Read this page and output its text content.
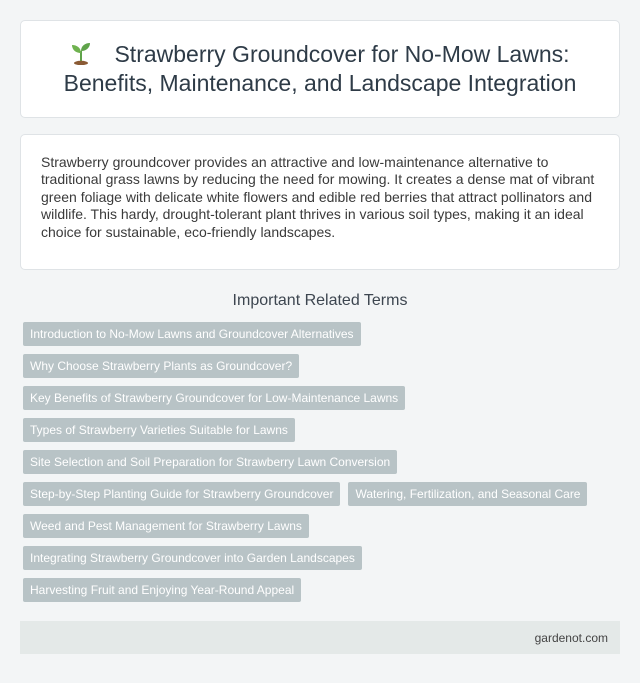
Strawberry Groundcover for No-Mow Lawns: Benefits, Maintenance, and Landscape Integration

Strawberry groundcover provides an attractive and low-maintenance alternative to traditional grass lawns by reducing the need for mowing. It creates a dense mat of vibrant green foliage with delicate white flowers and edible red berries that attract pollinators and wildlife. This hardy, drought-tolerant plant thrives in various soil types, making it an ideal choice for sustainable, eco-friendly landscapes.

Important Related Terms
Introduction to No-Mow Lawns and Groundcover Alternatives
Why Choose Strawberry Plants as Groundcover?
Key Benefits of Strawberry Groundcover for Low-Maintenance Lawns
Types of Strawberry Varieties Suitable for Lawns
Site Selection and Soil Preparation for Strawberry Lawn Conversion
Step-by-Step Planting Guide for Strawberry Groundcover	Watering, Fertilization, and Seasonal Care
Weed and Pest Management for Strawberry Lawns
Integrating Strawberry Groundcover into Garden Landscapes
Harvesting Fruit and Enjoying Year-Round Appeal
gardenot.com
